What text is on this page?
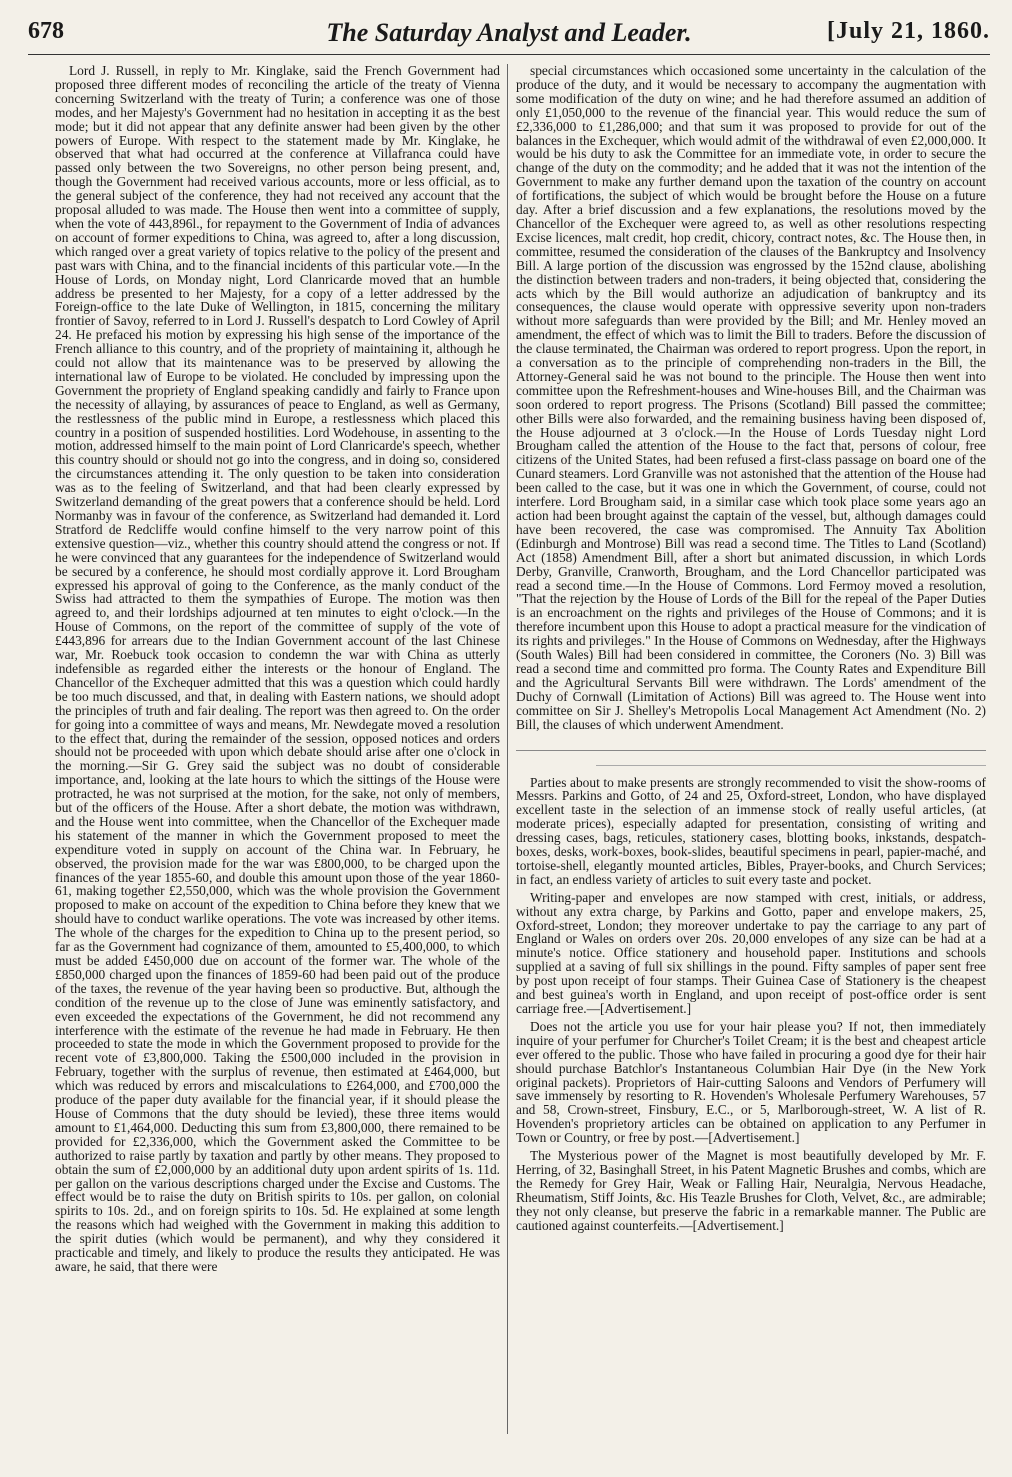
678	The Saturday Analyst and Leader.	[July 21, 1860.

Lord J. Russell, in reply to Mr. Kinglake, said the French Government had proposed three different modes of reconciling the article of the treaty of Vienna concerning Switzerland with the treaty of Turin; a conference was one of those modes, and her Majesty's Government had no hesitation in accepting it as the best mode; but it did not appear that any definite answer had been given by the other powers of Europe. With respect to the statement made by Mr. Kinglake, he observed that what had occurred at the conference at Villafranca could have passed only between the two Sovereigns, no other person being present, and, though the Government had received various accounts, more or less official, as to the general subject of the conference, they had not received any account that the proposal alluded to was made. The House then went into a committee of supply, when the vote of 443,896l., for repayment to the Government of India of advances on account of former expeditions to China, was agreed to, after a long discussion, which ranged over a great variety of topics relative to the policy of the present and past wars with China, and to the financial incidents of this particular vote.—In the House of Lords, on Monday night, Lord Clanricarde moved that an humble address be presented to her Majesty, for a copy of a letter addressed by the Foreign-office to the late Duke of Wellington, in 1815, concerning the military frontier of Savoy, referred to in Lord J. Russell's despatch to Lord Cowley of April 24. He prefaced his motion by expressing his high sense of the importance of the French alliance to this country, and of the propriety of maintaining it, although he could not allow that its maintenance was to be preserved by allowing the international law of Europe to be violated. He concluded by impressing upon the Government the propriety of England speaking candidly and fairly to France upon the necessity of allaying, by assurances of peace to England, as well as Germany, the restlessness of the public mind in Europe, a restlessness which placed this country in a position of suspended hostilities. Lord Wodehouse, in assenting to the motion, addressed himself to the main point of Lord Clanricarde's speech, whether this country should or should not go into the congress, and in doing so, considered the circumstances attending it. The only question to be taken into consideration was as to the feeling of Switzerland, and that had been clearly expressed by Switzerland demanding of the great powers that a conference should be held. Lord Normanby was in favour of the conference, as Switzerland had demanded it. Lord Stratford de Redcliffe would confine himself to the very narrow point of this extensive question—viz., whether this country should attend the congress or not. If he were convinced that any guarantees for the independence of Switzerland would be secured by a conference, he should most cordially approve it. Lord Brougham expressed his approval of going to the Conference, as the manly conduct of the Swiss had attracted to them the sympathies of Europe. The motion was then agreed to, and their lordships adjourned at ten minutes to eight o'clock.—In the House of Commons, on the report of the committee of supply of the vote of £443,896 for arrears due to the Indian Government account of the last Chinese war, Mr. Roebuck took occasion to condemn the war with China as utterly indefensible as regarded either the interests or the honour of England. The Chancellor of the Exchequer admitted that this was a question which could hardly be too much discussed, and that, in dealing with Eastern nations, we should adopt the principles of truth and fair dealing. The report was then agreed to. On the order for going into a committee of ways and means, Mr. Newdegate moved a resolution to the effect that, during the remainder of the session, opposed notices and orders should not be proceeded with upon which debate should arise after one o'clock in the morning.—Sir G. Grey said the subject was no doubt of considerable importance, and, looking at the late hours to which the sittings of the House were protracted, he was not surprised at the motion, for the sake, not only of members, but of the officers of the House. After a short debate, the motion was withdrawn, and the House went into committee, when the Chancellor of the Exchequer made his statement of the manner in which the Government proposed to meet the expenditure voted in supply on account of the China war. In February, he observed, the provision made for the war was £800,000, to be charged upon the finances of the year 1855-60, and double this amount upon those of the year 1860-61, making together £2,550,000, which was the whole provision the Government proposed to make on account of the expedition to China before they knew that we should have to conduct warlike operations. The vote was increased by other items. The whole of the charges for the expedition to China up to the present period, so far as the Government had cognizance of them, amounted to £5,400,000, to which must be added £450,000 due on account of the former war. The whole of the £850,000 charged upon the finances of 1859-60 had been paid out of the produce of the taxes, the revenue of the year having been so productive. But, although the condition of the revenue up to the close of June was eminently satisfactory, and even exceeded the expectations of the Government, he did not recommend any interference with the estimate of the revenue he had made in February. He then proceeded to state the mode in which the Government proposed to provide for the recent vote of £3,800,000. Taking the £500,000 included in the provision in February, together with the surplus of revenue, then estimated at £464,000, but which was reduced by errors and miscalculations to £264,000, and £700,000 the produce of the paper duty available for the financial year, if it should please the House of Commons that the duty should be levied), these three items would amount to £1,464,000. Deducting this sum from £3,800,000, there remained to be provided for £2,336,000, which the Government asked the Committee to be authorized to raise partly by taxation and partly by other means. They proposed to obtain the sum of £2,000,000 by an additional duty upon ardent spirits of 1s. 11d. per gallon on the various descriptions charged under the Excise and Customs. The effect would be to raise the duty on British spirits to 10s. per gallon, on colonial spirits to 10s. 2d., and on foreign spirits to 10s. 5d. He explained at some length the reasons which had weighed with the Government in making this addition to the spirit duties (which would be permanent), and why they considered it practicable and timely, and likely to produce the results they anticipated. He was aware, he said, that there were

special circumstances which occasioned some uncertainty in the calculation of the produce of the duty, and it would be necessary to accompany the augmentation with some modification of the duty on wine; and he had therefore assumed an addition of only £1,050,000 to the revenue of the financial year. This would reduce the sum of £2,336,000 to £1,286,000; and that sum it was proposed to provide for out of the balances in the Exchequer, which would admit of the withdrawal of even £2,000,000. It would be his duty to ask the Committee for an immediate vote, in order to secure the change of the duty on the commodity; and he added that it was not the intention of the Government to make any further demand upon the taxation of the country on account of fortifications, the subject of which would be brought before the House on a future day. After a brief discussion and a few explanations, the resolutions moved by the Chancellor of the Exchequer were agreed to, as well as other resolutions respecting Excise licences, malt credit, hop credit, chicory, contract notes, &c. The House then, in committee, resumed the consideration of the clauses of the Bankruptcy and Insolvency Bill. A large portion of the discussion was engrossed by the 152nd clause, abolishing the distinction between traders and non-traders, it being objected that, considering the acts which by the Bill would authorize an adjudication of bankruptcy and its consequences, the clause would operate with oppressive severity upon non-traders without more safeguards than were provided by the Bill; and Mr. Henley moved an amendment, the effect of which was to limit the Bill to traders. Before the discussion of the clause terminated, the Chairman was ordered to report progress. Upon the report, in a conversation as to the principle of comprehending non-traders in the Bill, the Attorney-General said he was not bound to the principle. The House then went into committee upon the Refreshment-houses and Wine-houses Bill, and the Chairman was soon ordered to report progress. The Prisons (Scotland) Bill passed the committee; other Bills were also forwarded, and the remaining business having been disposed of, the House adjourned at 3 o'clock.—In the House of Lords Tuesday night Lord Brougham called the attention of the House to the fact that, persons of colour, free citizens of the United States, had been refused a first-class passage on board one of the Cunard steamers. Lord Granville was not astonished that the attention of the House had been called to the case, but it was one in which the Government, of course, could not interfere. Lord Brougham said, in a similar case which took place some years ago an action had been brought against the captain of the vessel, but, although damages could have been recovered, the case was compromised. The Annuity Tax Abolition (Edinburgh and Montrose) Bill was read a second time. The Titles to Land (Scotland) Act (1858) Amendment Bill, after a short but animated discussion, in which Lords Derby, Granville, Cranworth, Brougham, and the Lord Chancellor participated was read a second time.—In the House of Commons. Lord Fermoy moved a resolution, "That the rejection by the House of Lords of the Bill for the repeal of the Paper Duties is an encroachment on the rights and privileges of the House of Commons; and it is therefore incumbent upon this House to adopt a practical measure for the vindication of its rights and privileges." In the House of Commons on Wednesday, after the Highways (South Wales) Bill had been considered in committee, the Coroners (No. 3) Bill was read a second time and committed pro forma. The County Rates and Expenditure Bill and the Agricultural Servants Bill were withdrawn. The Lords' amendment of the Duchy of Cornwall (Limitation of Actions) Bill was agreed to. The House went into committee on Sir J. Shelley's Metropolis Local Management Act Amendment (No. 2) Bill, the clauses of which underwent Amendment.

Parties about to make presents are strongly recommended to visit the show-rooms of Messrs. Parkins and Gotto, of 24 and 25, Oxford-street, London, who have displayed excellent taste in the selection of an immense stock of really useful articles, (at moderate prices), especially adapted for presentation, consisting of writing and dressing cases, bags, reticules, stationery cases, blotting books, inkstands, despatch-boxes, desks, work-boxes, book-slides, beautiful specimens in pearl, papier-maché, and tortoise-shell, elegantly mounted articles, Bibles, Prayer-books, and Church Services; in fact, an endless variety of articles to suit every taste and pocket.

Writing-paper and envelopes are now stamped with crest, initials, or address, without any extra charge, by Parkins and Gotto, paper and envelope makers, 25, Oxford-street, London; they moreover undertake to pay the carriage to any part of England or Wales on orders over 20s. 20,000 envelopes of any size can be had at a minute's notice. Office stationery and household paper. Institutions and schools supplied at a saving of full six shillings in the pound. Fifty samples of paper sent free by post upon receipt of four stamps. Their Guinea Case of Stationery is the cheapest and best guinea's worth in England, and upon receipt of post-office order is sent carriage free.—[Advertisement.]

Does not the article you use for your hair please you? If not, then immediately inquire of your perfumer for Churcher's Toilet Cream; it is the best and cheapest article ever offered to the public. Those who have failed in procuring a good dye for their hair should purchase Batchlor's Instantaneous Columbian Hair Dye (in the New York original packets). Proprietors of Hair-cutting Saloons and Vendors of Perfumery will save immensely by resorting to R. Hovenden's Wholesale Perfumery Warehouses, 57 and 58, Crown-street, Finsbury, E.C., or 5, Marlborough-street, W. A list of R. Hovenden's proprietory articles can be obtained on application to any Perfumer in Town or Country, or free by post.—[Advertisement.]

The Mysterious power of the Magnet is most beautifully developed by Mr. F. Herring, of 32, Basinghall Street, in his Patent Magnetic Brushes and combs, which are the Remedy for Grey Hair, Weak or Falling Hair, Neuralgia, Nervous Headache, Rheumatism, Stiff Joints, &c. His Teazle Brushes for Cloth, Velvet, &c., are admirable; they not only cleanse, but preserve the fabric in a remarkable manner. The Public are cautioned against counterfeits.—[Advertisement.]
